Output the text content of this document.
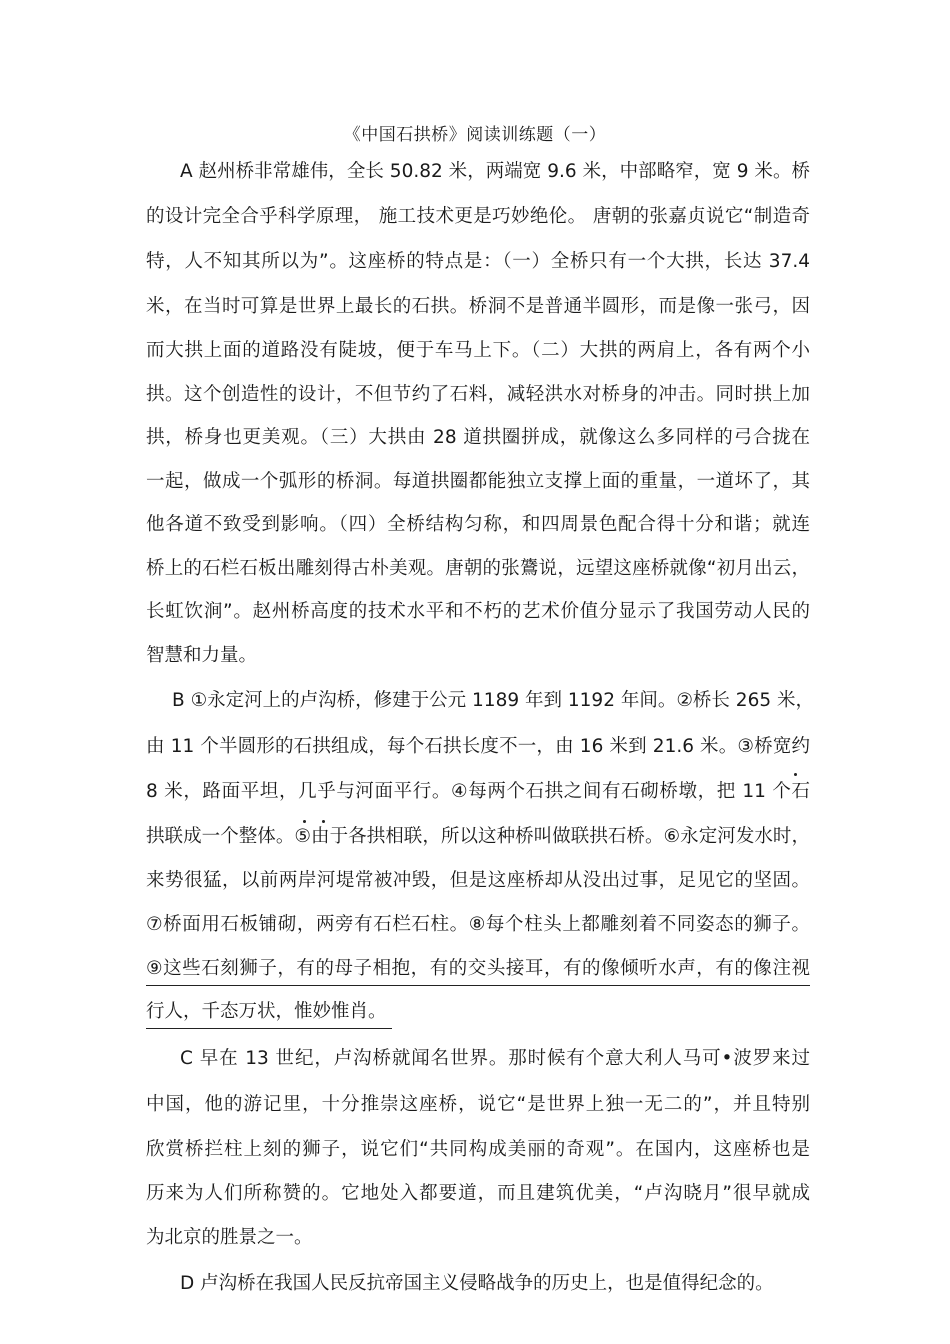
《中国石拱桥》阅读训练题（一）
A 赵州桥非常雄伟，全长 50.82 米，两端宽 9.6 米，中部略窄，宽 9 米。桥
的设计完全合乎科学原理， 施工技术更是巧妙绝伦。 唐朝的张嘉贞说它“制造奇
特，人不知其所以为”。这座桥的特点是：（一）全桥只有一个大拱，长达 37.4
米，在当时可算是世界上最长的石拱。桥洞不是普通半圆形，而是像一张弓，因
而大拱上面的道路没有陡坡，便于车马上下。（二）大拱的两肩上，各有两个小
拱。这个创造性的设计，不但节约了石料，减轻洪水对桥身的冲击。同时拱上加
拱，桥身也更美观。（三）大拱由 28 道拱圈拼成，就像这么多同样的弓合拢在
一起，做成一个弧形的桥洞。每道拱圈都能独立支撑上面的重量，一道坏了，其
他各道不致受到影响。（四）全桥结构匀称，和四周景色配合得十分和谐；就连
桥上的石栏石板出雕刻得古朴美观。唐朝的张鷟说，远望这座桥就像“初月出云，
长虹饮涧”。赵州桥高度的技术水平和不朽的艺术价值分显示了我国劳动人民的
智慧和力量。
B ①永定河上的卢沟桥，修建于公元 1189 年到 1192 年间。②桥长 265 米，
由 11 个半圆形的石拱组成，每个石拱长度不一，由 16 米到 21.6 米。③桥宽约
8 米，路面平坦，几乎与河面平行。④每两个石拱之间有石砌桥墩，把 11 个石
拱联成一个整体。⑤由于各拱相联，所以这种桥叫做联拱石桥。⑥永定河发水时，
来势很猛，以前两岸河堤常被冲毁，但是这座桥却从没出过事，足见它的坚固。
⑦桥面用石板铺砌，两旁有石栏石柱。⑧每个柱头上都雕刻着不同姿态的狮子。
⑨这些石刻狮子，有的母子相抱，有的交头接耳，有的像倾听水声，有的像注视
行人，千态万状，惟妙惟肖。
C 早在 13 世纪，卢沟桥就闻名世界。那时候有个意大利人马可•波罗来过
中国，他的游记里，十分推崇这座桥，说它“是世界上独一无二的”，并且特别
欣赏桥拦柱上刻的狮子，说它们“共同构成美丽的奇观”。在国内，这座桥也是
历来为人们所称赞的。它地处入都要道，而且建筑优美，“卢沟晓月”很早就成
为北京的胜景之一。
D 卢沟桥在我国人民反抗帝国主义侵略战争的历史上，也是值得纪念的。
